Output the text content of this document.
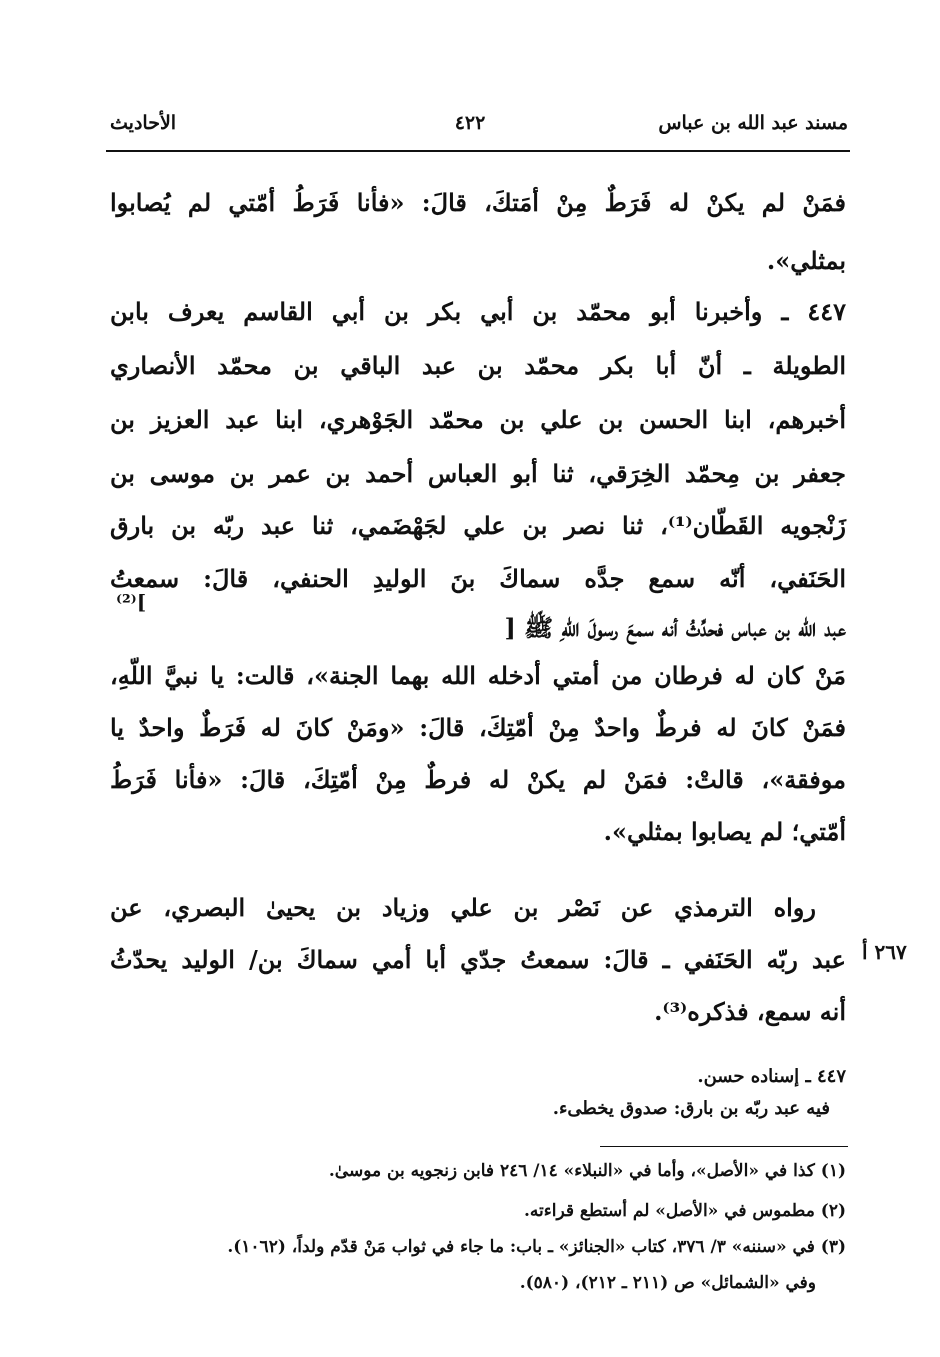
مسند عبد الله بن عباس
٤٢٢
الأحاديث
فمَنْ لم يكنْ له فَرَطٌ مِنْ أمَتكَ، قالَ: «فأنا فَرَطُ أمّتي لم يُصابوا
بمثلي».
٤٤٧ ـ وأخبرنا أبو محمّد بن أبي بكر بن أبي القاسم يعرف بابن
الطويلة ـ أنّ أبا بكر محمّد بن عبد الباقي بن محمّد الأنصاري
أخبرهم، ابنا الحسن بن علي بن محمّد الجَوْهري، ابنا عبد العزيز بن
جعفر بن مِحمّد الخِرَقي، ثنا أبو العباس أحمد بن عمر بن موسى بن
زَنْجويه القَطّان⁽¹⁾، ثنا نصر بن علي لجَهْضَمي، ثنا عبد ربّه بن بارق
الحَنَفي، أنّه سمع جدَّه سماكَ بنَ الوليدِ الحنفي، قالَ: سمعتُ
عبد الله بن عباس فحدِّثُ أنه سمعَ رسولَ اللّهِ ﷺ [
]⁽²⁾
مَنْ كان له فرطان من أمتي أدخله الله بهما الجنة»، قالت: يا نبيَّ اللّهِ،
فمَنْ كانَ له فرطٌ واحدٌ مِنْ أمّتِكَ، قالَ: «ومَنْ كانَ له فَرَطٌ واحدٌ يا
موفقة»، قالتْ: فمَنْ لم يكنْ له فرطٌ مِنْ أمّتِكَ، قالَ: «فأنا فَرَطُ
أمّتي؛ لم يصابوا بمثلي».
رواه الترمذي عن نَصْر بن علي وزياد بن يحيىٰ البصري، عن
عبد ربّه الحَنَفي ـ قالَ: سمعتُ جدّي أبا أمي سماكَ بن/ الوليد يحدّثُ
أنه سمع، فذكره⁽³⁾.
٢٦٧ أ
٤٤٧ ـ إسناده حسن.
فيه عبد ربّه بن بارق: صدوق يخطىء.
(١) كذا في «الأصل»، وأما في «النبلاء» ١٤/ ٢٤٦ فابن زنجويه بن موسىٰ.
(٢) مطموس في «الأصل» لم أستطع قراءته.
(٣) في «سننه» ٣/ ٣٧٦، كتاب «الجنائز» ـ باب: ما جاء في ثواب مَنْ قدّم ولداً، (١٠٦٢).
وفي «الشمائل» ص (٢١١ ـ ٢١٢)، (٥٨٠).
